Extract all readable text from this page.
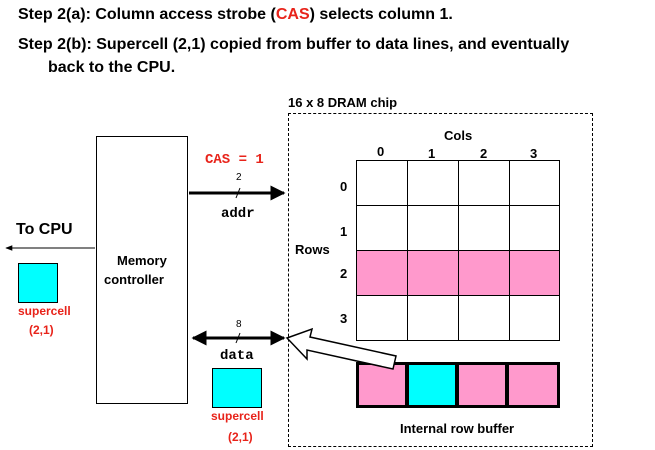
Step 2(a): Column access strobe (CAS) selects column 1.
Step 2(b): Supercell (2,1) copied from buffer to data lines, and eventually
back to the CPU.
16 x 8 DRAM chip
Cols
Rows
0	1	2	3
0
1
2
3
Internal row buffer
Memory
controller
To CPU
supercell
(2,1)
CAS = 1
2
addr
8
data
supercell
(2,1)
